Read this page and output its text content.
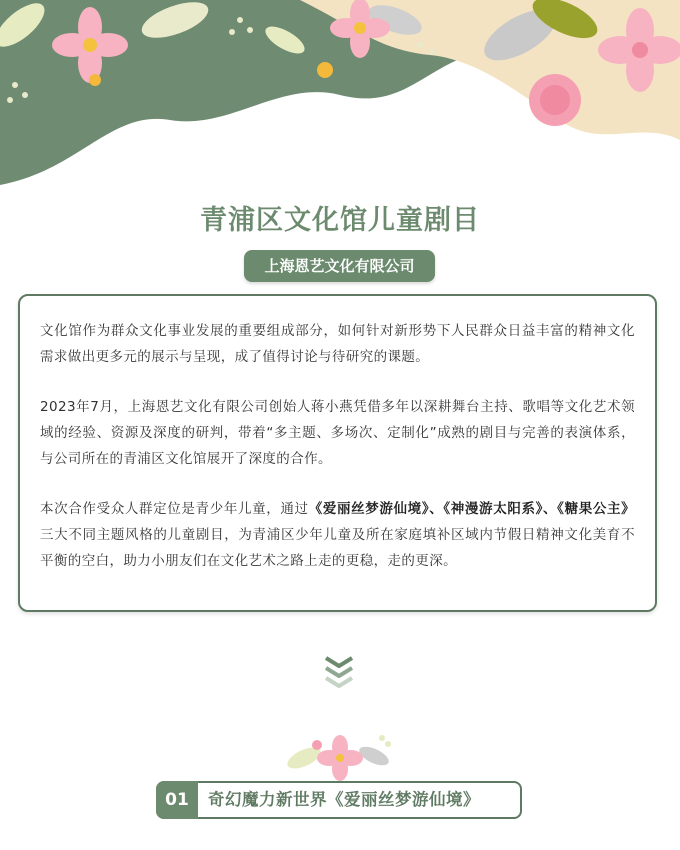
青浦区文化馆儿童剧目
上海恩艺文化有限公司

文化馆作为群众文化事业发展的重要组成部分，如何针对新形势下人民群众日益丰富的精神文化需求做出更多元的展示与呈现，成了值得讨论与待研究的课题。

2023年7月，上海恩艺文化有限公司创始人蒋小燕凭借多年以深耕舞台主持、歌唱等文化艺术领域的经验、资源及深度的研判，带着“多主题、多场次、定制化”成熟的剧目与完善的表演体系，与公司所在的青浦区文化馆展开了深度的合作。

本次合作受众人群定位是青少年儿童，通过《爱丽丝梦游仙境》、《神漫游太阳系》、《糖果公主》三大不同主题风格的儿童剧目，为青浦区少年儿童及所在家庭填补区域内节假日精神文化美育不平衡的空白，助力小朋友们在文化艺术之路上走的更稳，走的更深。

01	奇幻魔力新世界《爱丽丝梦游仙境》
